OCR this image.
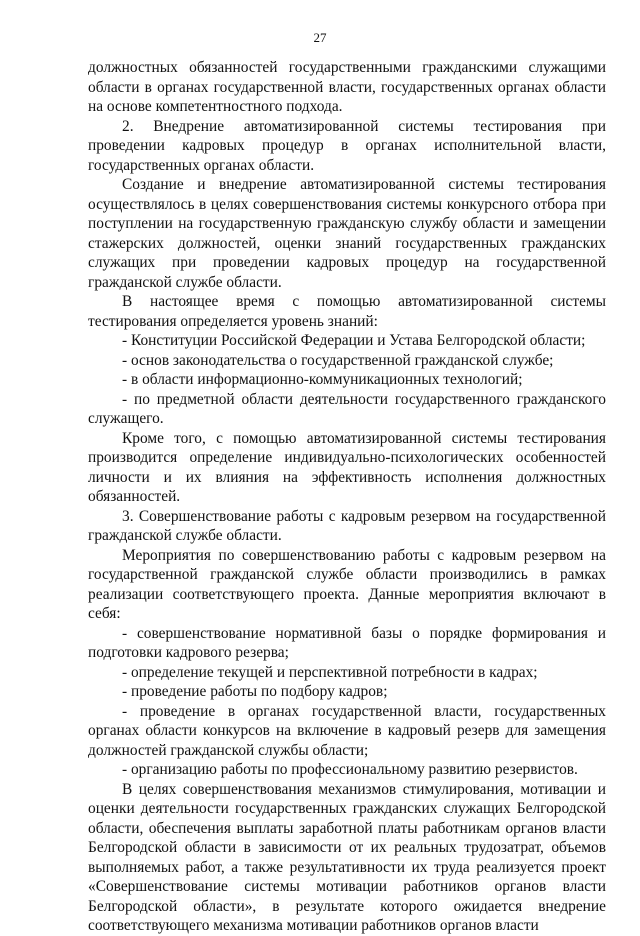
27

должностных обязанностей государственными гражданскими служащими области в органах государственной власти, государственных органах области на основе компетентностного подхода.

2. Внедрение автоматизированной системы тестирования при проведении кадровых процедур в органах исполнительной власти, государственных органах области.

Создание и внедрение автоматизированной системы тестирования осуществлялось в целях совершенствования системы конкурсного отбора при поступлении на государственную гражданскую службу области и замещении стажерских должностей, оценки знаний государственных гражданских служащих при проведении кадровых процедур на государственной гражданской службе области.

В настоящее время с помощью автоматизированной системы тестирования определяется уровень знаний:

- Конституции Российской Федерации и Устава Белгородской области;

- основ законодательства о государственной гражданской службе;

- в области информационно-коммуникационных технологий;

- по предметной области деятельности государственного гражданского служащего.

Кроме того, с помощью автоматизированной системы тестирования производится определение индивидуально-психологических особенностей личности и их влияния на эффективность исполнения должностных обязанностей.

3. Совершенствование работы с кадровым резервом на государственной гражданской службе области.

Мероприятия по совершенствованию работы с кадровым резервом на государственной гражданской службе области производились в рамках реализации соответствующего проекта. Данные мероприятия включают в себя:

- совершенствование нормативной базы о порядке формирования и подготовки кадрового резерва;

- определение текущей и перспективной потребности в кадрах;

- проведение работы по подбору кадров;

- проведение в органах государственной власти, государственных органах области конкурсов на включение в кадровый резерв для замещения должностей гражданской службы области;

- организацию работы по профессиональному развитию резервистов.

В целях совершенствования механизмов стимулирования, мотивации и оценки деятельности государственных гражданских служащих Белгородской области, обеспечения выплаты заработной платы работникам органов власти Белгородской области в зависимости от их реальных трудозатрат, объемов выполняемых работ, а также результативности их труда реализуется проект «Совершенствование системы мотивации работников органов власти Белгородской области», в результате которого ожидается внедрение соответствующего механизма мотивации работников органов власти
